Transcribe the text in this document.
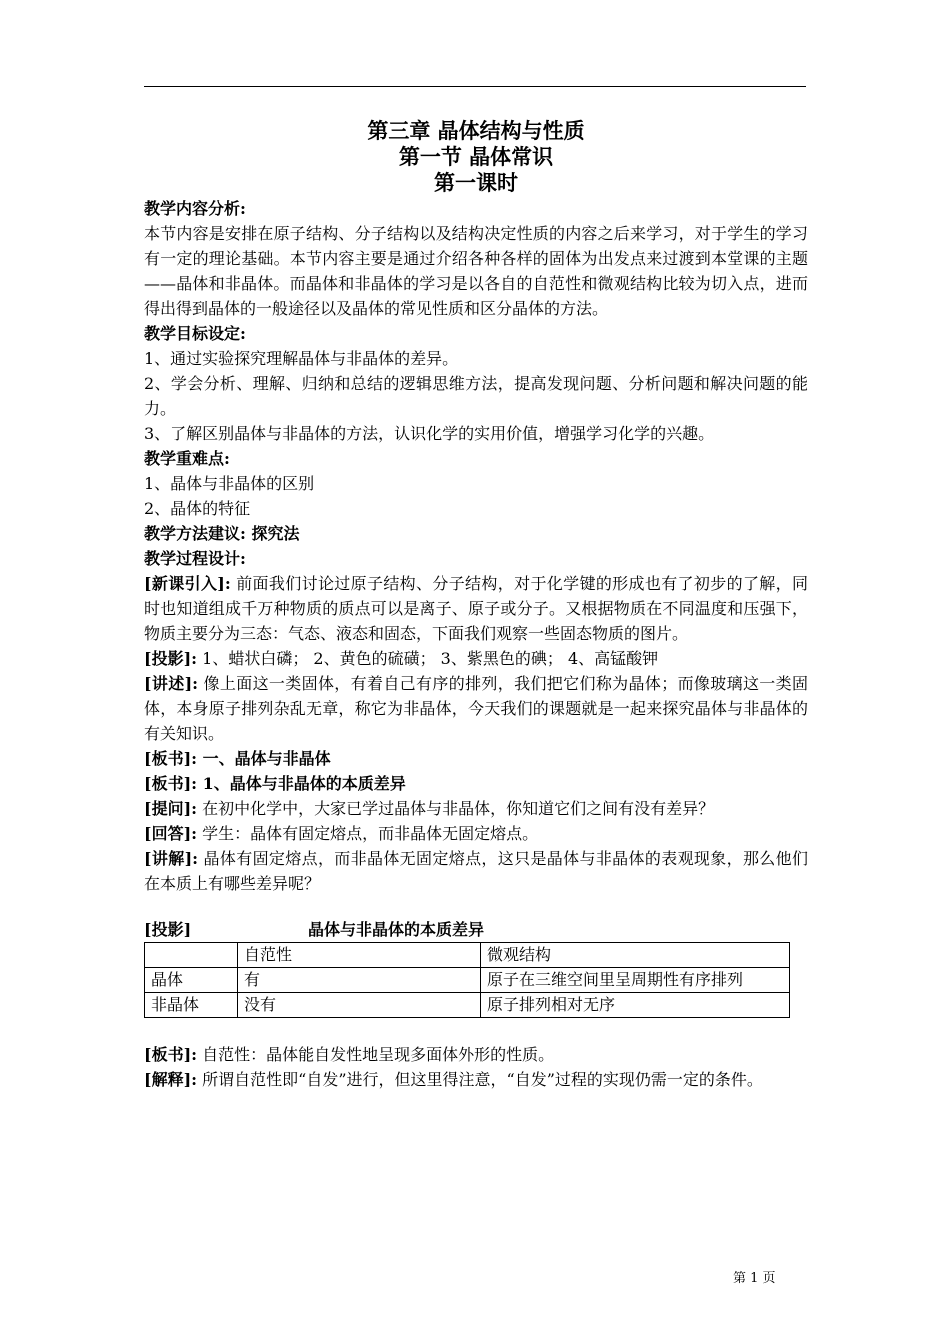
第三章 晶体结构与性质
第一节 晶体常识
第一课时

教学内容分析:

本节内容是安排在原子结构、分子结构以及结构决定性质的内容之后来学习，对于学生的学习有一定的理论基础。本节内容主要是通过介绍各种各样的固体为出发点来过渡到本堂课的主题——晶体和非晶体。而晶体和非晶体的学习是以各自的自范性和微观结构比较为切入点，进而得出得到晶体的一般途径以及晶体的常见性质和区分晶体的方法。

教学目标设定:

1、通过实验探究理解晶体与非晶体的差异。

2、学会分析、理解、归纳和总结的逻辑思维方法，提高发现问题、分析问题和解决问题的能力。

3、了解区别晶体与非晶体的方法，认识化学的实用价值，增强学习化学的兴趣。

教学重难点:

1、晶体与非晶体的区别

2、晶体的特征

教学方法建议: 探究法

教学过程设计:

[新课引入]: 前面我们讨论过原子结构、分子结构，对于化学键的形成也有了初步的了解，同时也知道组成千万种物质的质点可以是离子、原子或分子。又根据物质在不同温度和压强下，物质主要分为三态：气态、液态和固态，下面我们观察一些固态物质的图片。

[投影]: 1、蜡状白磷； 2、黄色的硫磺； 3、紫黑色的碘； 4、高锰酸钾

[讲述]: 像上面这一类固体，有着自己有序的排列，我们把它们称为晶体；而像玻璃这一类固体，本身原子排列杂乱无章，称它为非晶体，今天我们的课题就是一起来探究晶体与非晶体的有关知识。

[板书]: 一、晶体与非晶体

[板书]: 1、晶体与非晶体的本质差异

[提问]: 在初中化学中，大家已学过晶体与非晶体，你知道它们之间有没有差异？

[回答]: 学生：晶体有固定熔点，而非晶体无固定熔点。

[讲解]: 晶体有固定熔点，而非晶体无固定熔点，这只是晶体与非晶体的表观现象，那么他们在本质上有哪些差异呢？

[投影]	晶体与非晶体的本质差异
	自范性	微观结构
晶体	有	原子在三维空间里呈周期性有序排列
非晶体	没有	原子排列相对无序

[板书]: 自范性：晶体能自发性地呈现多面体外形的性质。

[解释]: 所谓自范性即“自发”进行，但这里得注意，“自发”过程的实现仍需一定的条件。

第 1 页
